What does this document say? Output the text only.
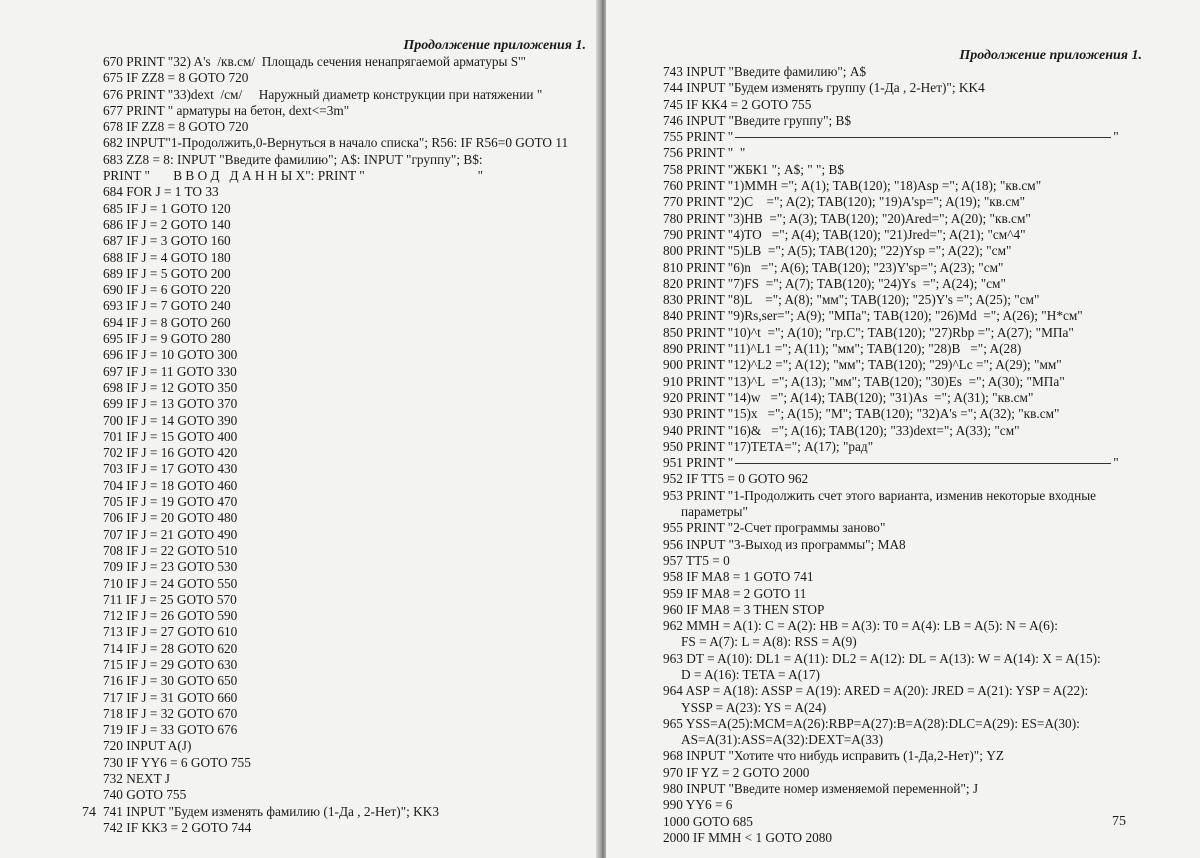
Продолжение приложения 1.
670 PRINT "32) A's  /кв.см/  Площадь сечения ненапрягаемой арматуры S'"
675 IF ZZ8 = 8 GOTO 720
676 PRINT "33)dext  /см/     Наружный диаметр конструкции при натяжении "
677 PRINT " арматуры на бетон, dext<=3m"
678 IF ZZ8 = 8 GOTO 720
682 INPUT"1-Продолжить,0-Вернуться в начало списка"; R56: IF R56=0 GOTO 11
683 ZZ8 = 8: INPUT "Введите фамилию"; A$: INPUT "группу"; B$:
PRINT "       В В О Д   Д А Н Н Ы Х": PRINT "                                  "
684 FOR J = 1 TO 33
685 IF J = 1 GOTO 120
686 IF J = 2 GOTO 140
687 IF J = 3 GOTO 160
688 IF J = 4 GOTO 180
689 IF J = 5 GOTO 200
690 IF J = 6 GOTO 220
693 IF J = 7 GOTO 240
694 IF J = 8 GOTO 260
695 IF J = 9 GOTO 280
696 IF J = 10 GOTO 300
697 IF J = 11 GOTO 330
698 IF J = 12 GOTO 350
699 IF J = 13 GOTO 370
700 IF J = 14 GOTO 390
701 IF J = 15 GOTO 400
702 IF J = 16 GOTO 420
703 IF J = 17 GOTO 430
704 IF J = 18 GOTO 460
705 IF J = 19 GOTO 470
706 IF J = 20 GOTO 480
707 IF J = 21 GOTO 490
708 IF J = 22 GOTO 510
709 IF J = 23 GOTO 530
710 IF J = 24 GOTO 550
711 IF J = 25 GOTO 570
712 IF J = 26 GOTO 590
713 IF J = 27 GOTO 610
714 IF J = 28 GOTO 620
715 IF J = 29 GOTO 630
716 IF J = 30 GOTO 650
717 IF J = 31 GOTO 660
718 IF J = 32 GOTO 670
719 IF J = 33 GOTO 676
720 INPUT A(J)
730 IF YY6 = 6 GOTO 755
732 NEXT J
740 GOTO 755
741 INPUT "Будем изменять фамилию (1-Да , 2-Нет)"; KK3
742 IF KK3 = 2 GOTO 744
74
Продолжение приложения 1.
743 INPUT "Введите фамилию"; A$
744 INPUT "Будем изменять группу (1-Да , 2-Нет)"; KK4
745 IF KK4 = 2 GOTO 755
746 INPUT "Введите группу"; B$
755 PRINT "	"
756 PRINT "  "
758 PRINT "ЖБК1 "; A$; " "; B$
760 PRINT "1)ММН ="; A(1); TAB(120); "18)Asp ="; A(18); "кв.см"
770 PRINT "2)C    ="; A(2); TAB(120); "19)A'sp="; A(19); "кв.см"
780 PRINT "3)HB  ="; A(3); TAB(120); "20)Ared="; A(20); "кв.см"
790 PRINT "4)TO   ="; A(4); TAB(120); "21)Jred="; A(21); "см^4"
800 PRINT "5)LB  ="; A(5); TAB(120); "22)Ysp ="; A(22); "см"
810 PRINT "6)n   ="; A(6); TAB(120); "23)Y'sp="; A(23); "см"
820 PRINT "7)FS  ="; A(7); TAB(120); "24)Ys  ="; A(24); "см"
830 PRINT "8)L    ="; A(8); "мм"; TAB(120); "25)Y's ="; A(25); "см"
840 PRINT "9)Rs,ser="; A(9); "МПа"; TAB(120); "26)Md  ="; A(26); "Н*см"
850 PRINT "10)^t  ="; A(10); "гр.С"; TAB(120); "27)Rbp ="; A(27); "МПа"
890 PRINT "11)^L1 ="; A(11); "мм"; TAB(120); "28)B   ="; A(28)
900 PRINT "12)^L2 ="; A(12); "мм"; TAB(120); "29)^Lc ="; A(29); "мм"
910 PRINT "13)^L  ="; A(13); "мм"; TAB(120); "30)Es  ="; A(30); "МПа"
920 PRINT "14)w   ="; A(14); TAB(120); "31)As  ="; A(31); "кв.см"
930 PRINT "15)x   ="; A(15); "М"; TAB(120); "32)A's ="; A(32); "кв.см"
940 PRINT "16)&   ="; A(16); TAB(120); "33)dext="; A(33); "см"
950 PRINT "17)ТЕТА="; A(17); "рад"
951 PRINT "	"
952 IF TT5 = 0 GOTO 962
953 PRINT "1-Продолжить счет этого варианта, изменив некоторые входные
параметры"
955 PRINT "2-Счет программы заново"
956 INPUT "3-Выход из программы"; MA8
957 TT5 = 0
958 IF MA8 = 1 GOTO 741
959 IF MA8 = 2 GOTO 11
960 IF MA8 = 3 THEN STOP
962 MMH = A(1): C = A(2): HB = A(3): T0 = A(4): LB = A(5): N = A(6):
FS = A(7): L = A(8): RSS = A(9)
963 DT = A(10): DL1 = A(11): DL2 = A(12): DL = A(13): W = A(14): X = A(15):
D = A(16): TETA = A(17)
964 ASP = A(18): ASSP = A(19): ARED = A(20): JRED = A(21): YSP = A(22):
YSSP = A(23): YS = A(24)
965 YSS=A(25):MCM=A(26):RBP=A(27):B=A(28):DLC=A(29): ES=A(30):
AS=A(31):ASS=A(32):DEXT=A(33)
968 INPUT "Хотите что нибудь исправить (1-Да,2-Нет)"; YZ
970 IF YZ = 2 GOTO 2000
980 INPUT "Введите номер изменяемой переменной"; J
990 YY6 = 6
1000 GOTO 685
2000 IF MMH < 1 GOTO 2080
75
